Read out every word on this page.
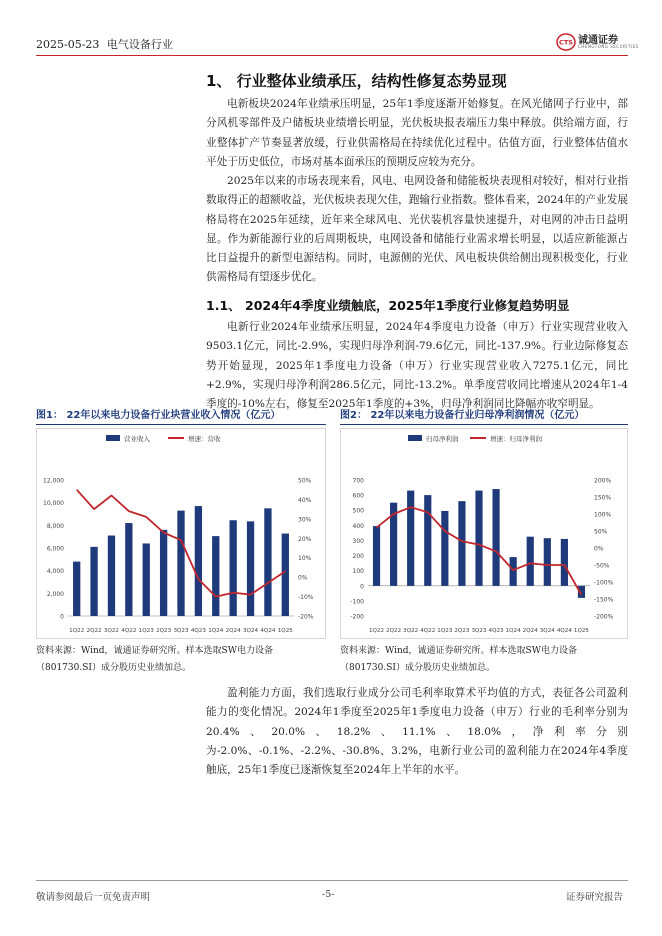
2025-05-23 电气设备行业	CTS 诚通证券
CHENGTONG SECURITIES
1、 行业整体业绩承压，结构性修复态势显现
电新板块2024年业绩承压明显，25年1季度逐渐开始修复。在风光储网子行业中，部分风机零部件及户储板块业绩增长明显，光伏板块报表端压力集中释放。供给端方面，行业整体扩产节奏显著放缓，行业供需格局在持续优化过程中。估值方面，行业整体估值水平处于历史低位，市场对基本面承压的预期反应较为充分。
2025年以来的市场表现来看，风电、电网设备和储能板块表现相对较好，相对行业指数取得正的超额收益，光伏板块表现欠佳，跑输行业指数。整体看来，2024年的产业发展格局将在2025年延续，近年来全球风电、光伏装机容量快速提升，对电网的冲击日益明显。作为新能源行业的后周期板块，电网设备和储能行业需求增长明显，以适应新能源占比日益提升的新型电源结构。同时，电源侧的光伏、风电板块供给侧出现积极变化，行业供需格局有望逐步优化。
1.1、 2024年4季度业绩触底，2025年1季度行业修复趋势明显
电新行业2024年业绩承压明显，2024年4季度电力设备（申万）行业实现营业收入9503.1亿元，同比-2.9%，实现归母净利润-79.6亿元，同比-137.9%。行业边际修复态势开始显现，2025年1季度电力设备（申万）行业实现营业收入7275.1亿元，同比+2.9%，实现归母净利润286.5亿元，同比-13.2%。单季度营收同比增速从2024年1-4季度的-10%左右，修复至2025年1季度的+3%，归母净利润同比降幅亦收窄明显。
图1： 22年以来电力设备行业块营业收入情况（亿元）	图2： 22年以来电力设备行业归母净利润情况（亿元）
营业收入	增速：营收
0
2,000
4,000
6,000
8,000
10,000
12,000
-20%
-10%
0%
10%
20%
30%
40%
50%
1Q22 2Q22 3Q22 4Q22 1Q23 2Q23 3Q23 4Q23 1Q24 2Q24 3Q24 4Q24 1Q25
归母净利润	增速：归母净利润
-200
-100
0
100
200
300
400
500
600
700
-200%
-150%
-100%
-50%
0%
50%
100%
150%
200%
1Q22 2Q22 3Q22 4Q22 1Q23 2Q23 3Q23 4Q23 1Q24 2Q24 3Q24 4Q24 1Q25
资料来源：Wind，诚通证券研究所。样本选取SW电力设备（801730.SI）成分股历史业绩加总。
资料来源：Wind，诚通证券研究所。样本选取SW电力设备（801730.SI）成分股历史业绩加总。
盈利能力方面，我们选取行业成分公司毛利率取算术平均值的方式，表征各公司盈利能力的变化情况。2024年1季度至2025年1季度电力设备（申万）行业的毛利率分别为20.4%、20.0%、18.2%、11.1%、18.0%，净利率分别为-2.0%、-0.1%、-2.2%、-30.8%、3.2%，电新行业公司的盈利能力在2024年4季度触底，25年1季度已逐渐恢复至2024年上半年的水平。
敬请参阅最后一页免责声明	-5-	证券研究报告
